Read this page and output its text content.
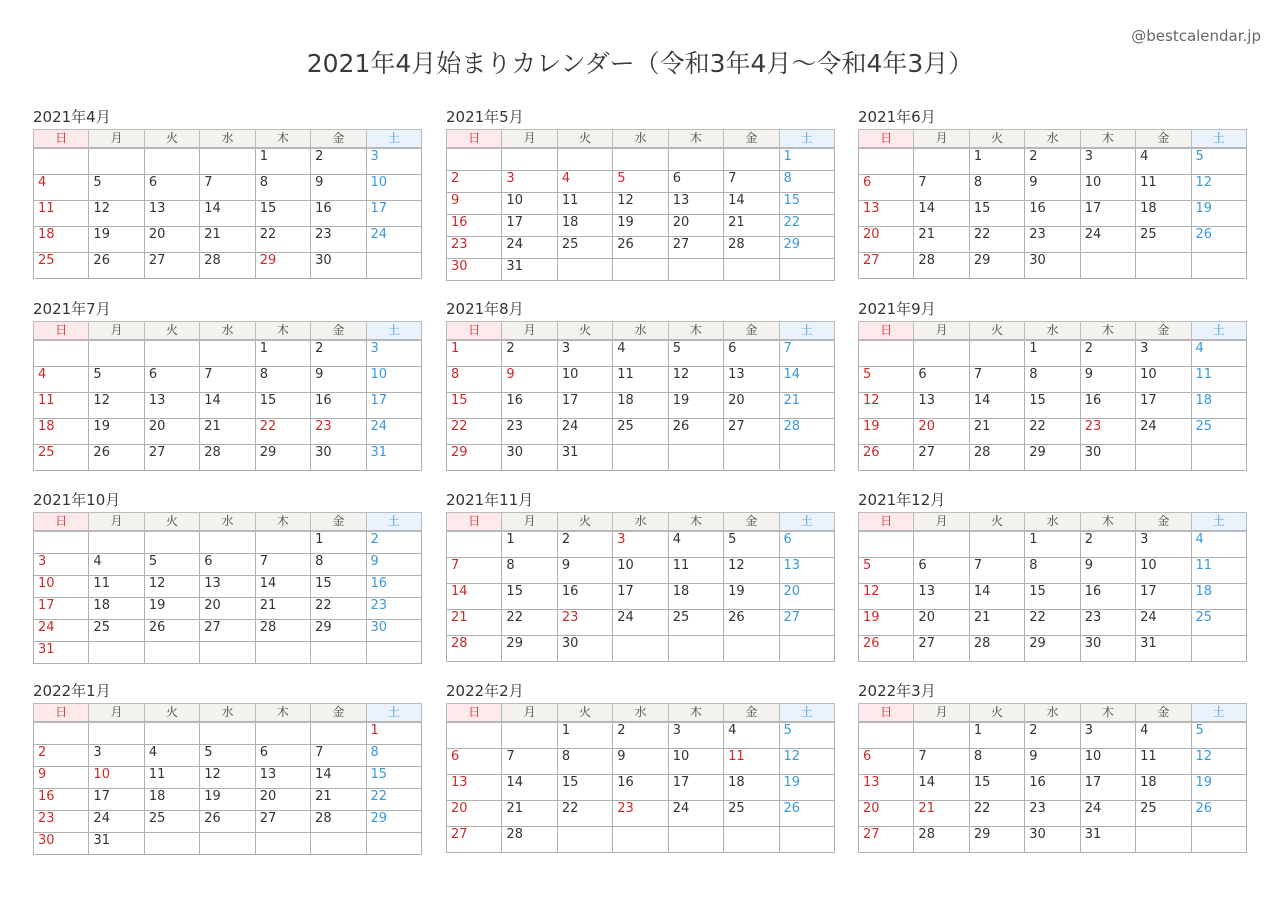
2021年4月始まりカレンダー（令和3年4月〜令和4年3月）
@bestcalendar.jp
2021年4月
日	月	火	水	木	金	土
				1	2	3
4	5	6	7	8	9	10
11	12	13	14	15	16	17
18	19	20	21	22	23	24
25	26	27	28	29	30	
2021年5月
日	月	火	水	木	金	土
						1
2	3	4	5	6	7	8
9	10	11	12	13	14	15
16	17	18	19	20	21	22
23	24	25	26	27	28	29
30	31					
2021年6月
日	月	火	水	木	金	土
		1	2	3	4	5
6	7	8	9	10	11	12
13	14	15	16	17	18	19
20	21	22	23	24	25	26
27	28	29	30			
2021年7月
日	月	火	水	木	金	土
				1	2	3
4	5	6	7	8	9	10
11	12	13	14	15	16	17
18	19	20	21	22	23	24
25	26	27	28	29	30	31
2021年8月
日	月	火	水	木	金	土
1	2	3	4	5	6	7
8	9	10	11	12	13	14
15	16	17	18	19	20	21
22	23	24	25	26	27	28
29	30	31				
2021年9月
日	月	火	水	木	金	土
			1	2	3	4
5	6	7	8	9	10	11
12	13	14	15	16	17	18
19	20	21	22	23	24	25
26	27	28	29	30		
2021年10月
日	月	火	水	木	金	土
					1	2
3	4	5	6	7	8	9
10	11	12	13	14	15	16
17	18	19	20	21	22	23
24	25	26	27	28	29	30
31						
2021年11月
日	月	火	水	木	金	土
	1	2	3	4	5	6
7	8	9	10	11	12	13
14	15	16	17	18	19	20
21	22	23	24	25	26	27
28	29	30				
2021年12月
日	月	火	水	木	金	土
			1	2	3	4
5	6	7	8	9	10	11
12	13	14	15	16	17	18
19	20	21	22	23	24	25
26	27	28	29	30	31	
2022年1月
日	月	火	水	木	金	土
						1
2	3	4	5	6	7	8
9	10	11	12	13	14	15
16	17	18	19	20	21	22
23	24	25	26	27	28	29
30	31					
2022年2月
日	月	火	水	木	金	土
		1	2	3	4	5
6	7	8	9	10	11	12
13	14	15	16	17	18	19
20	21	22	23	24	25	26
27	28					
2022年3月
日	月	火	水	木	金	土
		1	2	3	4	5
6	7	8	9	10	11	12
13	14	15	16	17	18	19
20	21	22	23	24	25	26
27	28	29	30	31		
